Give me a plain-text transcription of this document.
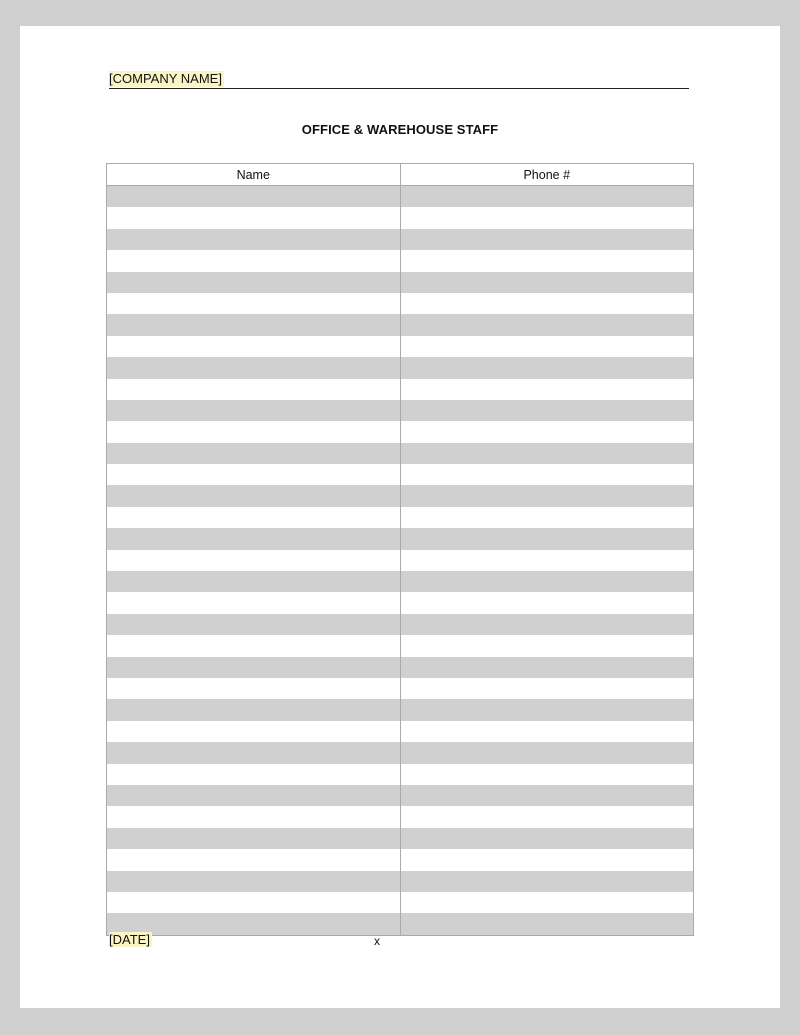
[COMPANY NAME]
OFFICE & WAREHOUSE STAFF
Name	Phone #

[DATE]	x
